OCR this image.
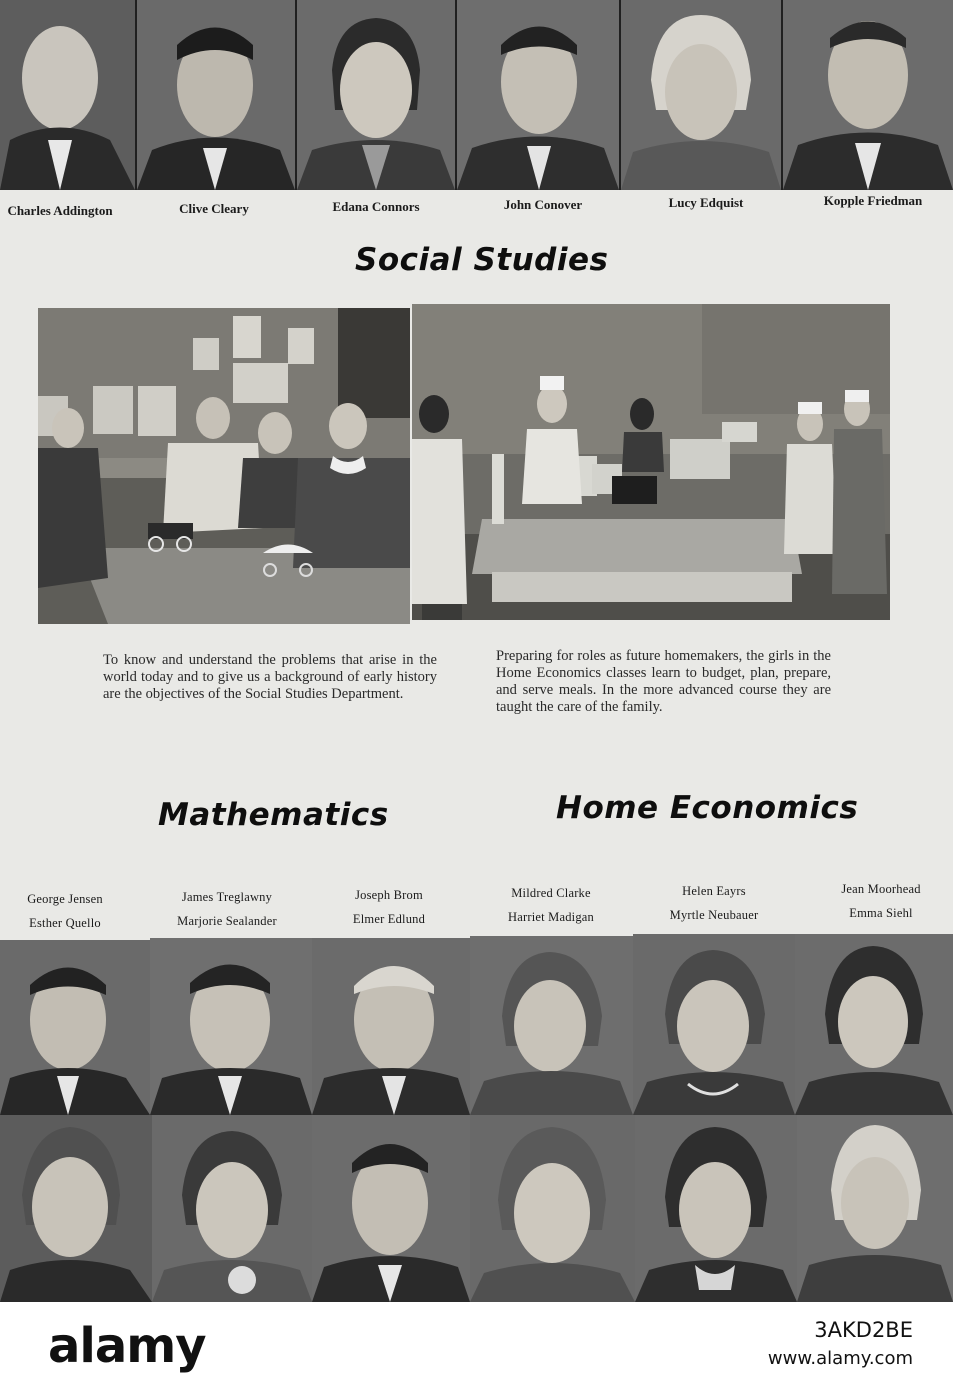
Charles Addington	Clive Cleary	Edana Connors	John Conover	Lucy Edquist	Kopple Friedman
Social Studies
To know and understand the problems that arise in the world today and to give us a background of early history are the objectives of the Social Studies Department.
Preparing for roles as future homemakers, the girls in the Home Economics classes learn to budget, plan, prepare, and serve meals. In the more advanced course they are taught the care of the family.
Mathematics	Home Economics
George Jensen
Esther Quello
James Treglawny
Marjorie Sealander
Joseph Brom
Elmer Edlund
Mildred Clarke
Harriet Madigan
Helen Eayrs
Myrtle Neubauer
Jean Moorhead
Emma Siehl
alamy	3AKD2BE
www.alamy.com
